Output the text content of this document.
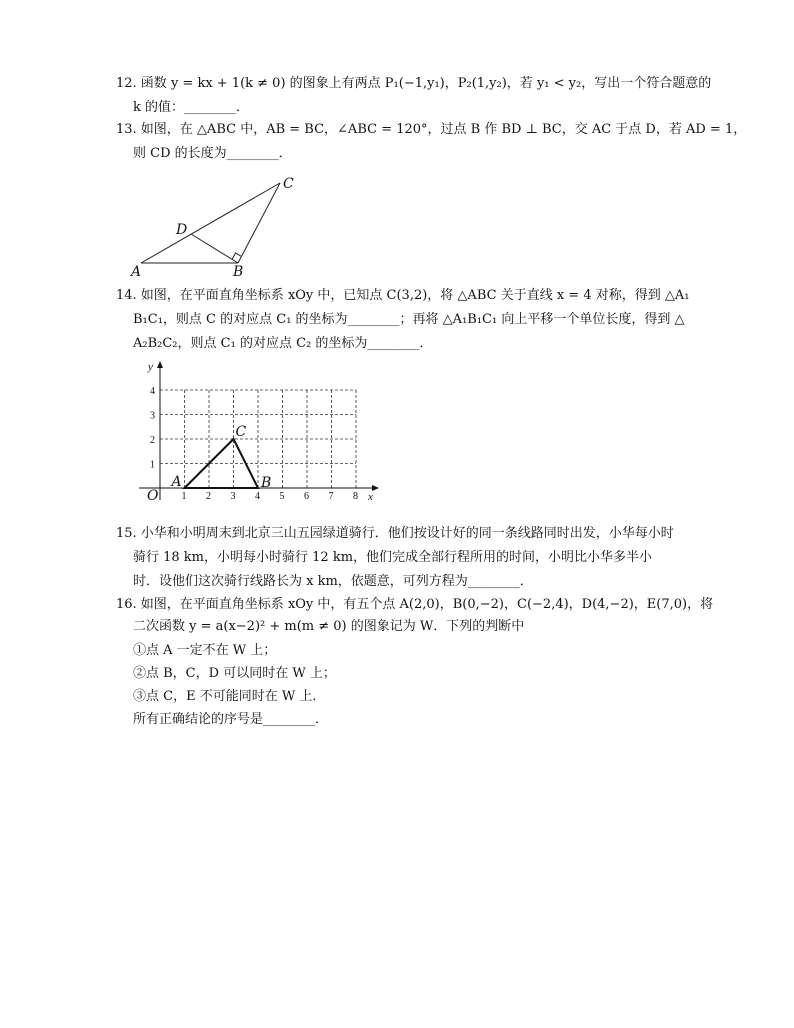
12. 函数 y = kx + 1(k ≠ 0) 的图象上有两点 P₁(−1,y₁)，P₂(1,y₂)，若 y₁ < y₂，写出一个符合题意的
k 的值：________．
13. 如图，在 △ABC 中，AB = BC，∠ABC = 120°，过点 B 作 BD ⊥ BC，交 AC 于点 D，若 AD = 1，
则 CD 的长度为________．
A	B
C
D
14. 如图，在平面直角坐标系 xOy 中，已知点 C(3,2)，将 △ABC 关于直线 x = 4 对称，得到 △A₁
B₁C₁，则点 C 的对应点 C₁ 的坐标为________；再将 △A₁B₁C₁ 向上平移一个单位长度，得到 △
A₂B₂C₂，则点 C₁ 的对应点 C₂ 的坐标为________．
1 2 3 4 5 6 7 8
1
2
3
4
x
y
O
A	B
C
15. 小华和小明周末到北京三山五园绿道骑行．他们按设计好的同一条线路同时出发，小华每小时
骑行 18 km，小明每小时骑行 12 km，他们完成全部行程所用的时间，小明比小华多半小
时．设他们这次骑行线路长为 x km，依题意，可列方程为________．
16. 如图，在平面直角坐标系 xOy 中，有五个点 A(2,0)，B(0,−2)，C(−2,4)，D(4,−2)，E(7,0)，将
二次函数 y = a(x−2)² + m(m ≠ 0) 的图象记为 W．下列的判断中
①点 A 一定不在 W 上；
②点 B，C，D 可以同时在 W 上；
③点 C，E 不可能同时在 W 上．
所有正确结论的序号是________．
